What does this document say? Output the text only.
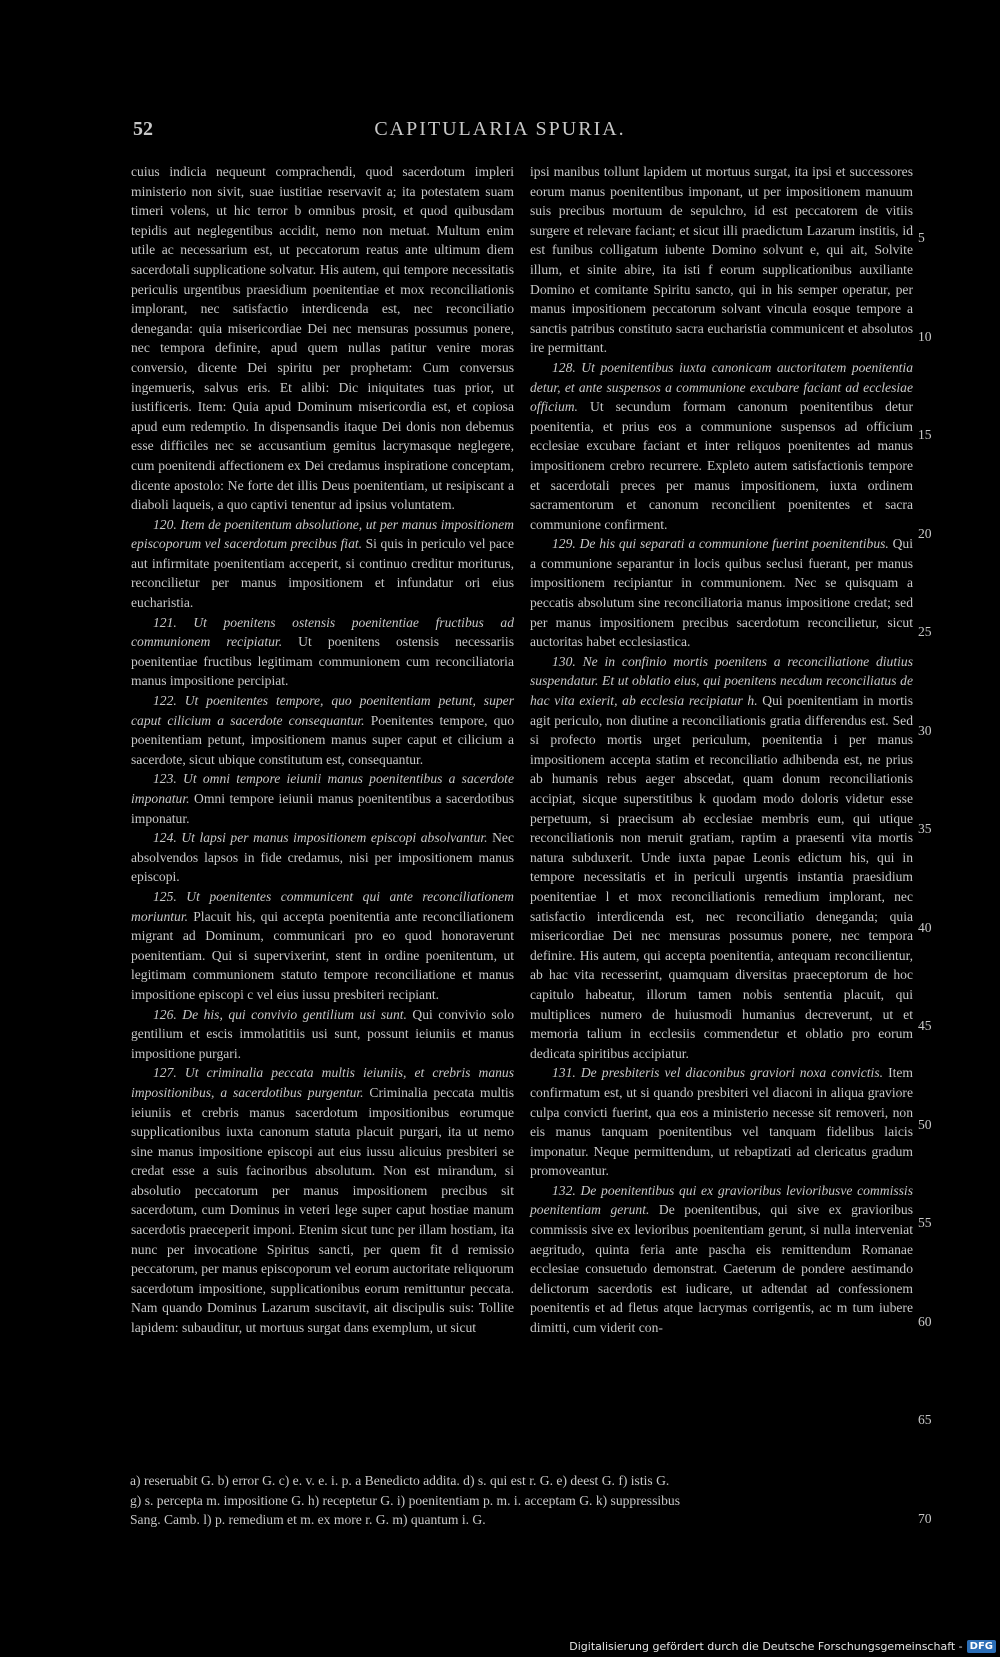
52	CAPITULARIA SPURIA.

cuius indicia nequeunt comprachendi, quod sacerdotum impleri ministerio non sivit, suae iustitiae reservavit a; ita potestatem suam timeri volens, ut hic terror b omnibus prosit, et quod quibusdam tepidis aut neglegentibus accidit, nemo non metuat. Multum enim utile ac necessarium est, ut peccatorum reatus ante ultimum diem sacerdotali supplicatione solvatur. His autem, qui tempore necessitatis periculis urgentibus praesidium poenitentiae et mox reconciliationis implorant, nec satisfactio interdicenda est, nec reconciliatio deneganda: quia misericordiae Dei nec mensuras possumus ponere, nec tempora definire, apud quem nullas patitur venire moras conversio, dicente Dei spiritu per prophetam: Cum conversus ingemueris, salvus eris. Et alibi: Dic iniquitates tuas prior, ut iustificeris. Item: Quia apud Dominum misericordia est, et copiosa apud eum redemptio. In dispensandis itaque Dei donis non debemus esse difficiles nec se accusantium gemitus lacrymasque neglegere, cum poenitendi affectionem ex Dei credamus inspiratione conceptam, dicente apostolo: Ne forte det illis Deus poenitentiam, ut resipiscant a diaboli laqueis, a quo captivi tenentur ad ipsius voluntatem.

120. Item de poenitentum absolutione, ut per manus impositionem episcoporum vel sacerdotum precibus fiat. Si quis in periculo vel pace aut infirmitate poenitentiam acceperit, si continuo creditur moriturus, reconcilietur per manus impositionem et infundatur ori eius eucharistia.

121. Ut poenitens ostensis poenitentiae fructibus ad communionem recipiatur. Ut poenitens ostensis necessariis poenitentiae fructibus legitimam communionem cum reconciliatoria manus impositione percipiat.

122. Ut poenitentes tempore, quo poenitentiam petunt, super caput cilicium a sacerdote consequantur. Poenitentes tempore, quo poenitentiam petunt, impositionem manus super caput et cilicium a sacerdote, sicut ubique constitutum est, consequantur.

123. Ut omni tempore ieiunii manus poenitentibus a sacerdote imponatur. Omni tempore ieiunii manus poenitentibus a sacerdotibus imponatur.

124. Ut lapsi per manus impositionem episcopi absolvantur. Nec absolvendos lapsos in fide credamus, nisi per impositionem manus episcopi.

125. Ut poenitentes communicent qui ante reconciliationem moriuntur. Placuit his, qui accepta poenitentia ante reconciliationem migrant ad Dominum, communicari pro eo quod honoraverunt poenitentiam. Qui si supervixerint, stent in ordine poenitentum, ut legitimam communionem statuto tempore reconciliatione et manus impositione episcopi c vel eius iussu presbiteri recipiant.

126. De his, qui convivio gentilium usi sunt. Qui convivio solo gentilium et escis immolatitiis usi sunt, possunt ieiuniis et manus impositione purgari.

127. Ut criminalia peccata multis ieiuniis, et crebris manus impositionibus, a sacerdotibus purgentur. Criminalia peccata multis ieiuniis et crebris manus sacerdotum impositionibus eorumque supplicationibus iuxta canonum statuta placuit purgari, ita ut nemo sine manus impositione episcopi aut eius iussu alicuius presbiteri se credat esse a suis facinoribus absolutum. Non est mirandum, si absolutio peccatorum per manus impositionem precibus sit sacerdotum, cum Dominus in veteri lege super caput hostiae manum sacerdotis praeceperit imponi. Etenim sicut tunc per illam hostiam, ita nunc per invocatione Spiritus sancti, per quem fit d remissio peccatorum, per manus episcoporum vel eorum auctoritate reliquorum sacerdotum impositione, supplicationibus eorum remittuntur peccata. Nam quando Dominus Lazarum suscitavit, ait discipulis suis: Tollite lapidem: subauditur, ut mortuus surgat dans exemplum, ut sicut

ipsi manibus tollunt lapidem ut mortuus surgat, ita ipsi et successores eorum manus poenitentibus imponant, ut per impositionem manuum suis precibus mortuum de sepulchro, id est peccatorem de vitiis surgere et relevare faciant; et sicut illi praedictum Lazarum institis, id est funibus colligatum iubente Domino solvunt e, qui ait, Solvite illum, et sinite abire, ita isti f eorum supplicationibus auxiliante Domino et comitante Spiritu sancto, qui in his semper operatur, per manus impositionem peccatorum solvant vincula eosque tempore a sanctis patribus constituto sacra eucharistia communicent et absolutos ire permittant.

128. Ut poenitentibus iuxta canonicam auctoritatem poenitentia detur, et ante suspensos a communione excubare faciant ad ecclesiae officium. Ut secundum formam canonum poenitentibus detur poenitentia, et prius eos a communione suspensos ad officium ecclesiae excubare faciant et inter reliquos poenitentes ad manus impositionem crebro recurrere. Expleto autem satisfactionis tempore et sacerdotali preces per manus impositionem, iuxta ordinem sacramentorum et canonum reconcilient poenitentes et sacra communione confirment.

129. De his qui separati a communione fuerint poenitentibus. Qui a communione separantur in locis quibus seclusi fuerant, per manus impositionem recipiantur in communionem. Nec se quisquam a peccatis absolutum sine reconciliatoria manus impositione credat; sed per manus impositionem precibus sacerdotum reconcilietur, sicut auctoritas habet ecclesiastica.

130. Ne in confinio mortis poenitens a reconciliatione diutius suspendatur. Et ut oblatio eius, qui poenitens necdum reconciliatus de hac vita exierit, ab ecclesia recipiatur h. Qui poenitentiam in mortis agit periculo, non diutine a reconciliationis gratia differendus est. Sed si profecto mortis urget periculum, poenitentia i per manus impositionem accepta statim et reconciliatio adhibenda est, ne prius ab humanis rebus aeger abscedat, quam donum reconciliationis accipiat, sicque superstitibus k quodam modo doloris videtur esse perpetuum, si praecisum ab ecclesiae membris eum, qui utique reconciliationis non meruit gratiam, raptim a praesenti vita mortis natura subduxerit. Unde iuxta papae Leonis edictum his, qui in tempore necessitatis et in periculi urgentis instantia praesidium poenitentiae l et mox reconciliationis remedium implorant, nec satisfactio interdicenda est, nec reconciliatio deneganda; quia misericordiae Dei nec mensuras possumus ponere, nec tempora definire. His autem, qui accepta poenitentia, antequam reconcilientur, ab hac vita recesserint, quamquam diversitas praeceptorum de hoc capitulo habeatur, illorum tamen nobis sententia placuit, qui multiplices numero de huiusmodi humanius decreverunt, ut et memoria talium in ecclesiis commendetur et oblatio pro eorum dedicata spiritibus accipiatur.

131. De presbiteris vel diaconibus graviori noxa convictis. Item confirmatum est, ut si quando presbiteri vel diaconi in aliqua graviore culpa convicti fuerint, qua eos a ministerio necesse sit removeri, non eis manus tanquam poenitentibus vel tanquam fidelibus laicis imponatur. Neque permittendum, ut rebaptizati ad clericatus gradum promoveantur.

132. De poenitentibus qui ex gravioribus levioribusve commissis poenitentiam gerunt. De poenitentibus, qui sive ex gravioribus commissis sive ex levioribus poenitentiam gerunt, si nulla interveniat aegritudo, quinta feria ante pascha eis remittendum Romanae ecclesiae consuetudo demonstrat. Caeterum de pondere aestimando delictorum sacerdotis est iudicare, ut adtendat ad confessionem poenitentis et ad fletus atque lacrymas corrigentis, ac m tum iubere dimitti, cum viderit con-

5
10
15
20
25
30
35
40
45
50
55
60
65
70

a) reseruabit G. b) error G. c) e. v. e. i. p. a Benedicto addita. d) s. qui est r. G. e) deest G. f) istis G.

g) s. percepta m. impositione G. h) receptetur G. i) poenitentiam p. m. i. acceptam G. k) suppressibus

Sang. Camb. l) p. remedium et m. ex more r. G. m) quantum i. G.

Digitalisierung gefördert durch die Deutsche Forschungsgemeinschaft - DFG
